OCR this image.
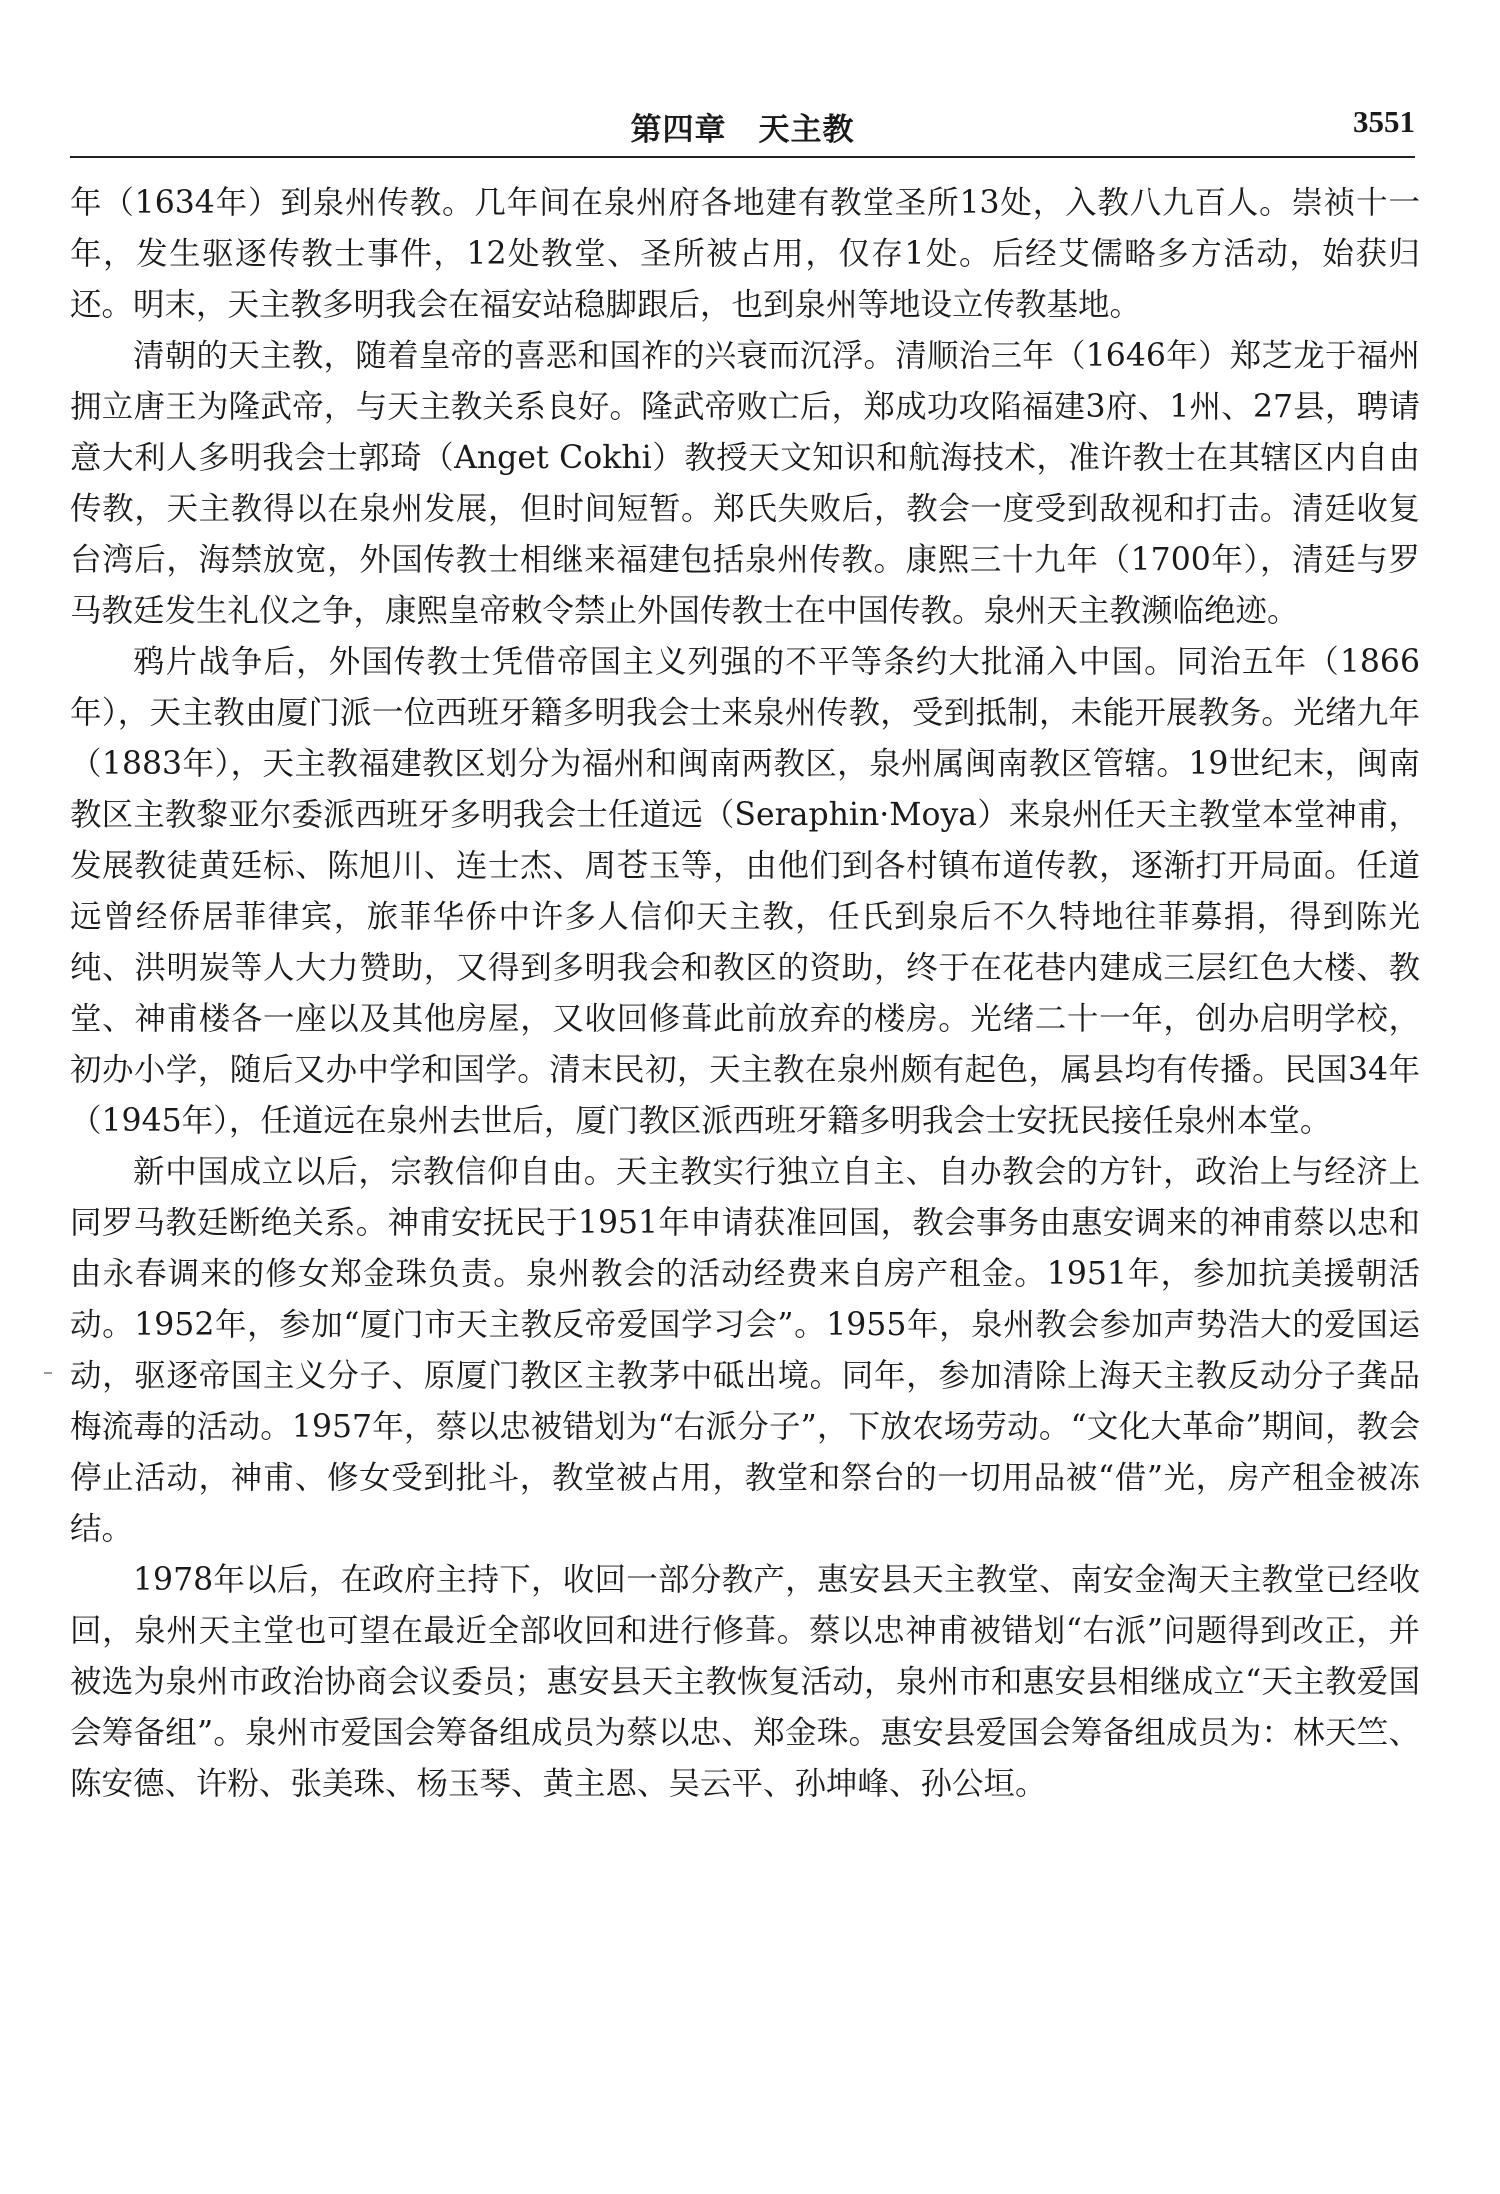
第四章　天主教	3551

年（1634年）到泉州传教。几年间在泉州府各地建有教堂圣所13处，入教八九百人。崇祯十一年，发生驱逐传教士事件，12处教堂、圣所被占用，仅存1处。后经艾儒略多方活动，始获归还。明末，天主教多明我会在福安站稳脚跟后，也到泉州等地设立传教基地。

清朝的天主教，随着皇帝的喜恶和国祚的兴衰而沉浮。清顺治三年（1646年）郑芝龙于福州拥立唐王为隆武帝，与天主教关系良好。隆武帝败亡后，郑成功攻陷福建3府、1州、27县，聘请意大利人多明我会士郭琦（Anget Cokhi）教授天文知识和航海技术，准许教士在其辖区内自由传教，天主教得以在泉州发展，但时间短暂。郑氏失败后，教会一度受到敌视和打击。清廷收复台湾后，海禁放宽，外国传教士相继来福建包括泉州传教。康熙三十九年（1700年），清廷与罗马教廷发生礼仪之争，康熙皇帝敕令禁止外国传教士在中国传教。泉州天主教濒临绝迹。

鸦片战争后，外国传教士凭借帝国主义列强的不平等条约大批涌入中国。同治五年（1866年），天主教由厦门派一位西班牙籍多明我会士来泉州传教，受到抵制，未能开展教务。光绪九年（1883年），天主教福建教区划分为福州和闽南两教区，泉州属闽南教区管辖。19世纪末，闽南教区主教黎亚尔委派西班牙多明我会士任道远（Seraphin·Moya）来泉州任天主教堂本堂神甫，发展教徒黄廷标、陈旭川、连士杰、周苍玉等，由他们到各村镇布道传教，逐渐打开局面。任道远曾经侨居菲律宾，旅菲华侨中许多人信仰天主教，任氏到泉后不久特地往菲募捐，得到陈光纯、洪明炭等人大力赞助，又得到多明我会和教区的资助，终于在花巷内建成三层红色大楼、教堂、神甫楼各一座以及其他房屋，又收回修葺此前放弃的楼房。光绪二十一年，创办启明学校，初办小学，随后又办中学和国学。清末民初，天主教在泉州颇有起色，属县均有传播。民国34年（1945年），任道远在泉州去世后，厦门教区派西班牙籍多明我会士安抚民接任泉州本堂。

新中国成立以后，宗教信仰自由。天主教实行独立自主、自办教会的方针，政治上与经济上同罗马教廷断绝关系。神甫安抚民于1951年申请获准回国，教会事务由惠安调来的神甫蔡以忠和由永春调来的修女郑金珠负责。泉州教会的活动经费来自房产租金。1951年，参加抗美援朝活动。1952年，参加“厦门市天主教反帝爱国学习会”。1955年，泉州教会参加声势浩大的爱国运动，驱逐帝国主义分子、原厦门教区主教茅中砥出境。同年，参加清除上海天主教反动分子龚品梅流毒的活动。1957年，蔡以忠被错划为“右派分子”，下放农场劳动。“文化大革命”期间，教会停止活动，神甫、修女受到批斗，教堂被占用，教堂和祭台的一切用品被“借”光，房产租金被冻结。

1978年以后，在政府主持下，收回一部分教产，惠安县天主教堂、南安金淘天主教堂已经收回，泉州天主堂也可望在最近全部收回和进行修葺。蔡以忠神甫被错划“右派”问题得到改正，并被选为泉州市政治协商会议委员；惠安县天主教恢复活动，泉州市和惠安县相继成立“天主教爱国会筹备组”。泉州市爱国会筹备组成员为蔡以忠、郑金珠。惠安县爱国会筹备组成员为：林天竺、陈安德、许粉、张美珠、杨玉琴、黄主恩、吴云平、孙坤峰、孙公垣。
